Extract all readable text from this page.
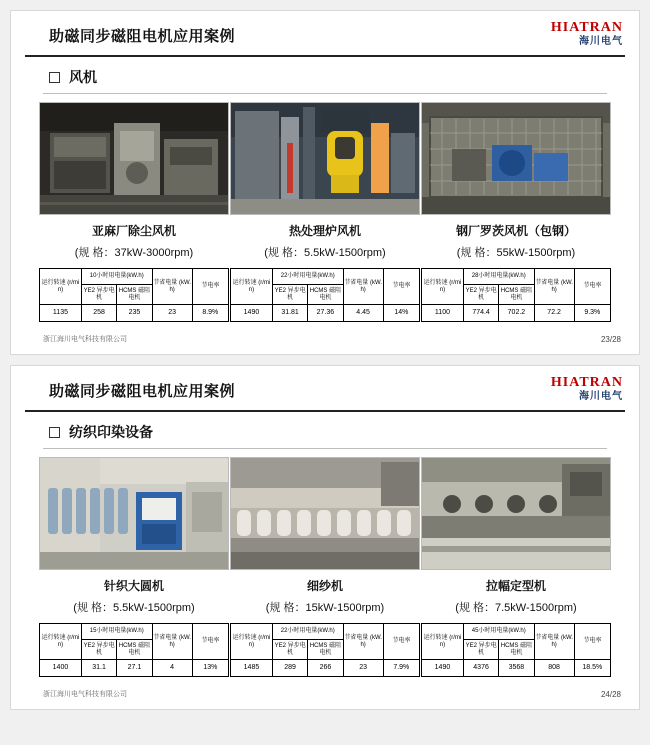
助磁同步磁阻电机应用案例
HIATRAN
海川电气
风机
亚麻厂除尘风机
(规 格：37kW-3000rpm)
运行转速 (r/min)	10小时用电量(kW.h)		节省电量 (kW.h)	节电率
	YE2 异步电机	HCMS 磁阻电机		
1135	258	235	23	8.9%
热处理炉风机
(规 格：5.5kW-1500rpm)
运行转速 (r/min)	22小时用电量(kW.h)		节省电量 (kW.h)	节电率
	YE2 异步电机	HCMS 磁阻电机		
1490	31.81	27.36	4.45	14%
钢厂罗茨风机（包钢）
(规 格：55kW-1500rpm)
运行转速 (r/min)	28小时用电量(kW.h)		节省电量 (kW.h)	节电率
	YE2 异步电机	HCMS 磁阻电机		
1100	774.4	702.2	72.2	9.3%
浙江海川电气科技有限公司	23/28
助磁同步磁阻电机应用案例
HIATRAN
海川电气
纺织印染设备
针织大圆机
(规 格：5.5kW-1500rpm)
运行转速 (r/min)	15小时用电量(kW.h)		节省电量 (kW.h)	节电率
	YE2 异步电机	HCMS 磁阻电机		
1400	31.1	27.1	4	13%
细纱机
(规 格：15kW-1500rpm)
运行转速 (r/min)	22小时用电量(kW.h)		节省电量 (kW.h)	节电率
	YE2 异步电机	HCMS 磁阻电机		
1485	289	266	23	7.9%
拉幅定型机
(规 格：7.5kW-1500rpm)
运行转速 (r/min)	45小时用电量(kW.h)		节省电量 (kW.h)	节电率
	YE2 异步电机	HCMS 磁阻电机		
1490	4376	3568	808	18.5%
浙江海川电气科技有限公司	24/28
